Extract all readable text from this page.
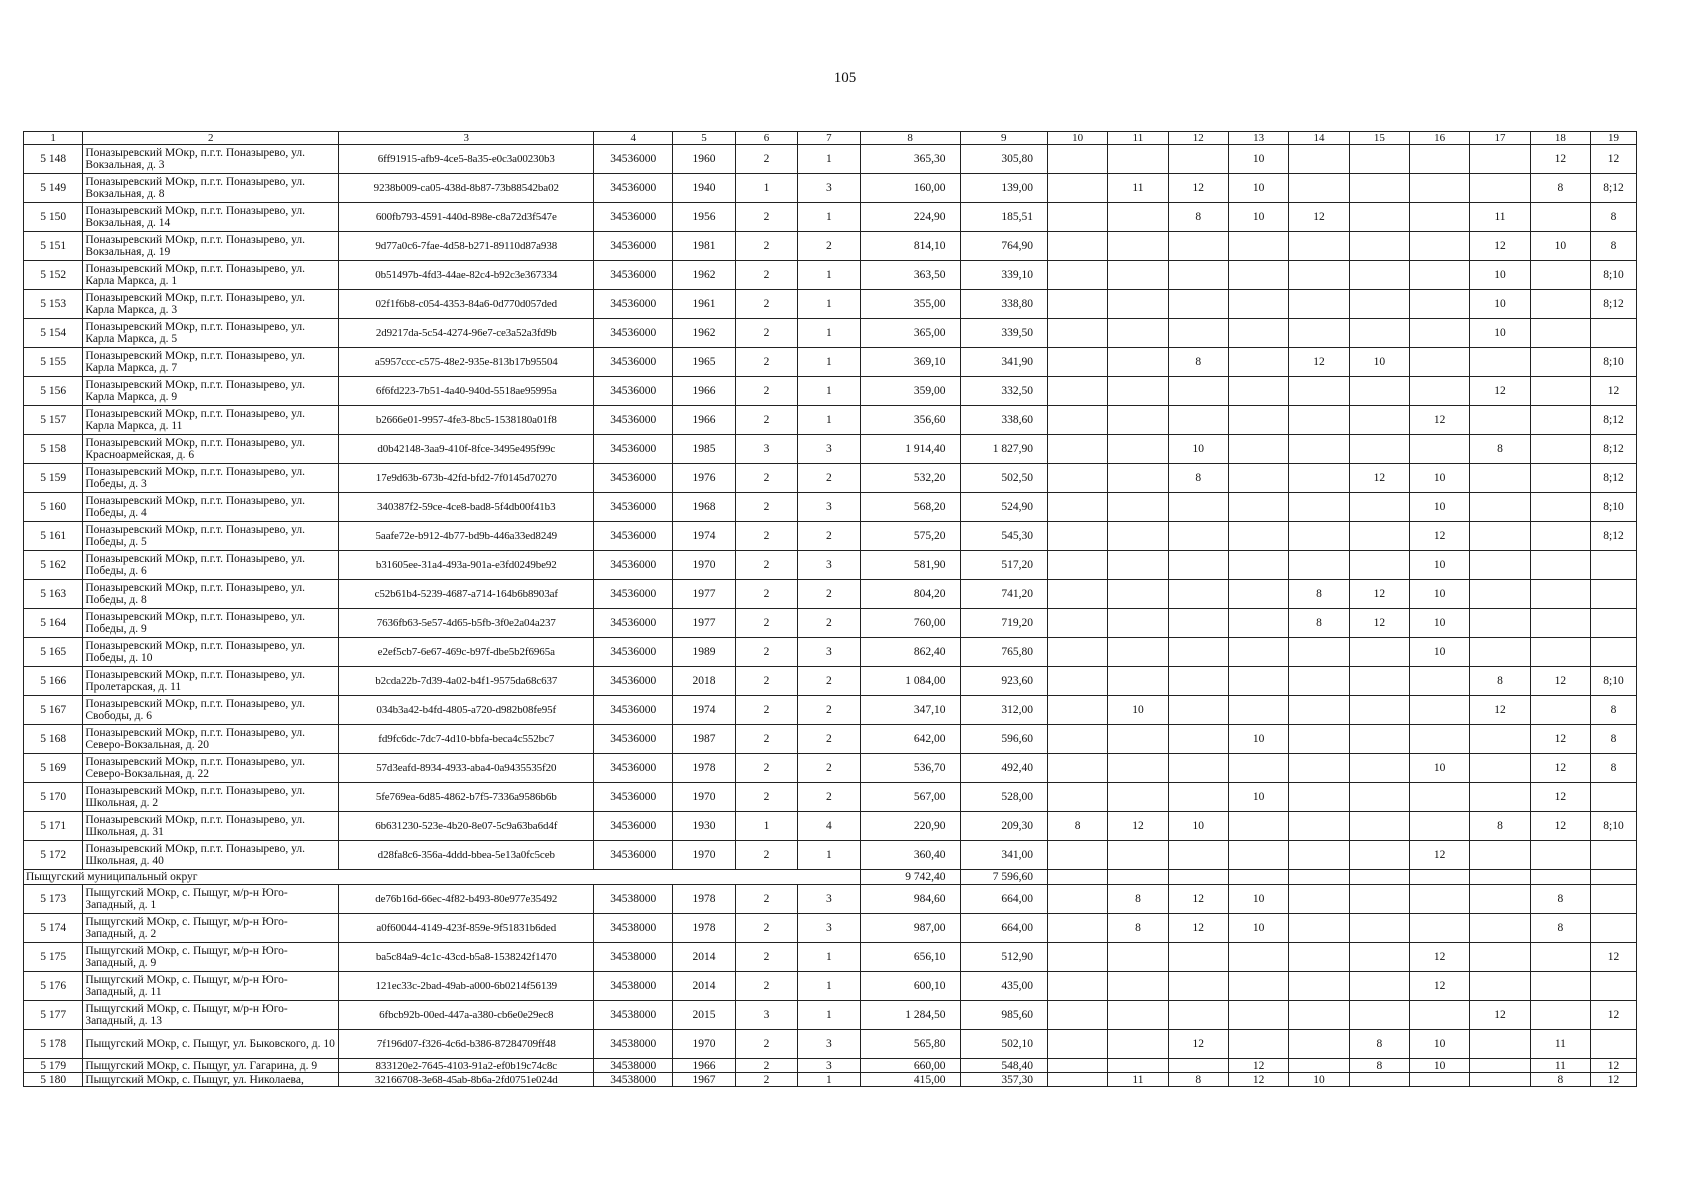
105
1	2	3	4	5	6	7	8	9	10	11	12	13	14	15	16	17	18	19
5 148	Поназыревский МОкр, п.г.т. Поназырево, ул. Вокзальная, д. 3	6ff91915-afb9-4ce5-8a35-e0c3a00230b3	34536000	1960	2	1	365,30	305,80				10					12	12
5 149	Поназыревский МОкр, п.г.т. Поназырево, ул. Вокзальная, д. 8	9238b009-ca05-438d-8b87-73b88542ba02	34536000	1940	1	3	160,00	139,00		11	12	10					8	8;12
5 150	Поназыревский МОкр, п.г.т. Поназырево, ул. Вокзальная, д. 14	600fb793-4591-440d-898e-c8a72d3f547e	34536000	1956	2	1	224,90	185,51			8	10	12			11		8
5 151	Поназыревский МОкр, п.г.т. Поназырево, ул. Вокзальная, д. 19	9d77a0c6-7fae-4d58-b271-89110d87a938	34536000	1981	2	2	814,10	764,90								12	10	8
5 152	Поназыревский МОкр, п.г.т. Поназырево, ул. Карла Маркса, д. 1	0b51497b-4fd3-44ae-82c4-b92c3e367334	34536000	1962	2	1	363,50	339,10								10		8;10
5 153	Поназыревский МОкр, п.г.т. Поназырево, ул. Карла Маркса, д. 3	02f1f6b8-c054-4353-84a6-0d770d057ded	34536000	1961	2	1	355,00	338,80								10		8;12
5 154	Поназыревский МОкр, п.г.т. Поназырево, ул. Карла Маркса, д. 5	2d9217da-5c54-4274-96e7-ce3a52a3fd9b	34536000	1962	2	1	365,00	339,50								10		
5 155	Поназыревский МОкр, п.г.т. Поназырево, ул. Карла Маркса, д. 7	a5957ccc-c575-48e2-935e-813b17b95504	34536000	1965	2	1	369,10	341,90			8		12	10				8;10
5 156	Поназыревский МОкр, п.г.т. Поназырево, ул. Карла Маркса, д. 9	6f6fd223-7b51-4a40-940d-5518ae95995a	34536000	1966	2	1	359,00	332,50								12		12
5 157	Поназыревский МОкр, п.г.т. Поназырево, ул. Карла Маркса, д. 11	b2666e01-9957-4fe3-8bc5-1538180a01f8	34536000	1966	2	1	356,60	338,60							12			8;12
5 158	Поназыревский МОкр, п.г.т. Поназырево, ул. Красноармейская, д. 6	d0b42148-3aa9-410f-8fce-3495e495f99c	34536000	1985	3	3	1 914,40	1 827,90			10					8		8;12
5 159	Поназыревский МОкр, п.г.т. Поназырево, ул. Победы, д. 3	17e9d63b-673b-42fd-bfd2-7f0145d70270	34536000	1976	2	2	532,20	502,50			8			12	10			8;12
5 160	Поназыревский МОкр, п.г.т. Поназырево, ул. Победы, д. 4	340387f2-59ce-4ce8-bad8-5f4db00f41b3	34536000	1968	2	3	568,20	524,90							10			8;10
5 161	Поназыревский МОкр, п.г.т. Поназырево, ул. Победы, д. 5	5aafe72e-b912-4b77-bd9b-446a33ed8249	34536000	1974	2	2	575,20	545,30							12			8;12
5 162	Поназыревский МОкр, п.г.т. Поназырево, ул. Победы, д. 6	b31605ee-31a4-493a-901a-e3fd0249be92	34536000	1970	2	3	581,90	517,20							10			
5 163	Поназыревский МОкр, п.г.т. Поназырево, ул. Победы, д. 8	c52b61b4-5239-4687-a714-164b6b8903af	34536000	1977	2	2	804,20	741,20					8	12	10			
5 164	Поназыревский МОкр, п.г.т. Поназырево, ул. Победы, д. 9	7636fb63-5e57-4d65-b5fb-3f0e2a04a237	34536000	1977	2	2	760,00	719,20					8	12	10			
5 165	Поназыревский МОкр, п.г.т. Поназырево, ул. Победы, д. 10	e2ef5cb7-6e67-469c-b97f-dbe5b2f6965a	34536000	1989	2	3	862,40	765,80							10			
5 166	Поназыревский МОкр, п.г.т. Поназырево, ул. Пролетарская, д. 11	b2cda22b-7d39-4a02-b4f1-9575da68c637	34536000	2018	2	2	1 084,00	923,60								8	12	8;10
5 167	Поназыревский МОкр, п.г.т. Поназырево, ул. Свободы, д. 6	034b3a42-b4fd-4805-a720-d982b08fe95f	34536000	1974	2	2	347,10	312,00		10						12		8
5 168	Поназыревский МОкр, п.г.т. Поназырево, ул. Северо-Вокзальная, д. 20	fd9fc6dc-7dc7-4d10-bbfa-beca4c552bc7	34536000	1987	2	2	642,00	596,60				10					12	8
5 169	Поназыревский МОкр, п.г.т. Поназырево, ул. Северо-Вокзальная, д. 22	57d3eafd-8934-4933-aba4-0a9435535f20	34536000	1978	2	2	536,70	492,40							10		12	8
5 170	Поназыревский МОкр, п.г.т. Поназырево, ул. Школьная, д. 2	5fe769ea-6d85-4862-b7f5-7336a9586b6b	34536000	1970	2	2	567,00	528,00				10					12	
5 171	Поназыревский МОкр, п.г.т. Поназырево, ул. Школьная, д. 31	6b631230-523e-4b20-8e07-5c9a63ba6d4f	34536000	1930	1	4	220,90	209,30	8	12	10					8	12	8;10
5 172	Поназыревский МОкр, п.г.т. Поназырево, ул. Школьная, д. 40	d28fa8c6-356a-4ddd-bbea-5e13a0fc5ceb	34536000	1970	2	1	360,40	341,00							12			
Пыщугский муниципальный округ							9 742,40	7 596,60										
5 173	Пыщугский МОкр, с. Пыщуг, м/р-н Юго-Западный, д. 1	de76b16d-66ec-4f82-b493-80e977e35492	34538000	1978	2	3	984,60	664,00		8	12	10					8	
5 174	Пыщугский МОкр, с. Пыщуг, м/р-н Юго-Западный, д. 2	a0f60044-4149-423f-859e-9f51831b6ded	34538000	1978	2	3	987,00	664,00		8	12	10					8	
5 175	Пыщугский МОкр, с. Пыщуг, м/р-н Юго-Западный, д. 9	ba5c84a9-4c1c-43cd-b5a8-1538242f1470	34538000	2014	2	1	656,10	512,90							12			12
5 176	Пыщугский МОкр, с. Пыщуг, м/р-н Юго-Западный, д. 11	121ec33c-2bad-49ab-a000-6b0214f56139	34538000	2014	2	1	600,10	435,00							12			
5 177	Пыщугский МОкр, с. Пыщуг, м/р-н Юго-Западный, д. 13	6fbcb92b-00ed-447a-a380-cb6e0e29ec8	34538000	2015	3	1	1 284,50	985,60								12		12
5 178	Пыщугский МОкр, с. Пыщуг, ул. Быковского, д. 10	7f196d07-f326-4c6d-b386-87284709ff48	34538000	1970	2	3	565,80	502,10			12			8	10		11	
5 179	Пыщугский МОкр, с. Пыщуг, ул. Гагарина, д. 9	833120e2-7645-4103-91a2-ef0b19c74c8c	34538000	1966	2	3	660,00	548,40				12		8	10		11	12
5 180	Пыщугский МОкр, с. Пыщуг, ул. Николаева,	32166708-3e68-45ab-8b6a-2fd0751e024d	34538000	1967	2	1	415,00	357,30		11	8	12	10				8	12
